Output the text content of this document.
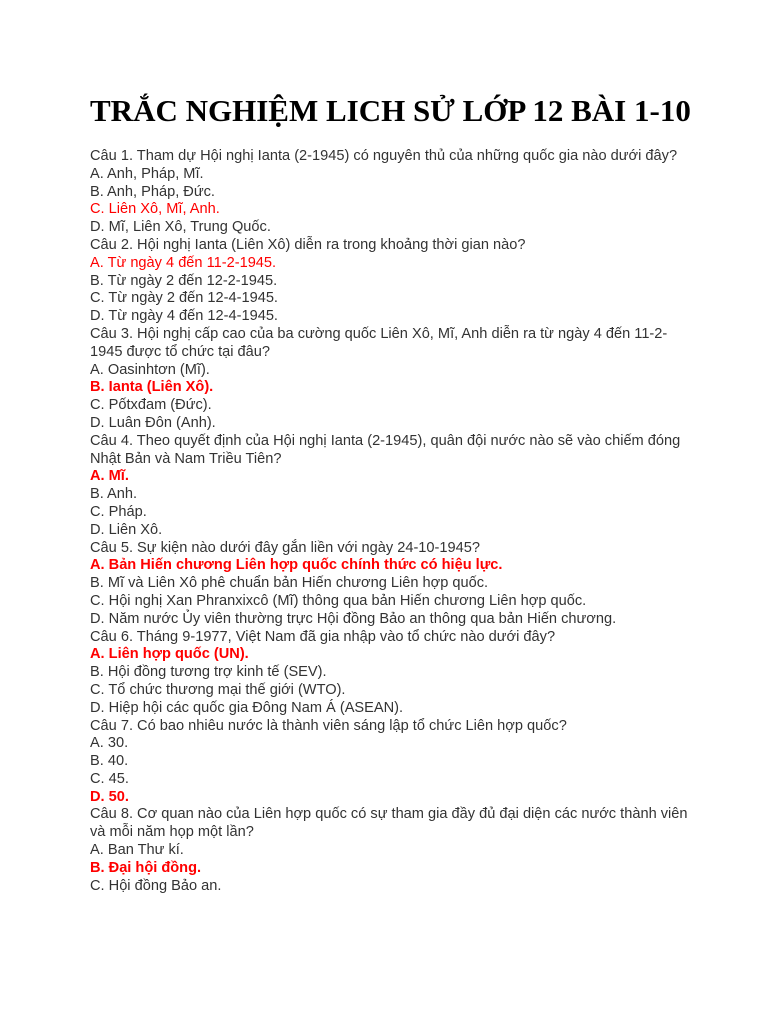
TRẮC NGHIỆM LICH SỬ LỚP 12 BÀI 1-10

Câu 1. Tham dự Hội nghị Ianta (2-1945) có nguyên thủ của những quốc gia nào dưới đây?

A. Anh, Pháp, Mĩ.

B. Anh, Pháp, Đức.

C. Liên Xô, Mĩ, Anh.

D. Mĩ, Liên Xô, Trung Quốc.

Câu 2. Hội nghị Ianta (Liên Xô) diễn ra trong khoảng thời gian nào?

A. Từ ngày 4 đến 11-2-1945.

B. Từ ngày 2 đến 12-2-1945.

C. Từ ngày 2 đến 12-4-1945.

D. Từ ngày 4 đến 12-4-1945.

Câu 3. Hội nghị cấp cao của ba cường quốc Liên Xô, Mĩ, Anh diễn ra từ ngày 4 đến 11-2-1945 được tổ chức tại đâu?

A. Oasinhtơn (Mĩ).

B. Ianta (Liên Xô).

C. Pốtxđam (Đức).

D. Luân Đôn (Anh).

Câu 4. Theo quyết định của Hội nghị Ianta (2-1945), quân đội nước nào sẽ vào chiếm đóng Nhật Bản và Nam Triều Tiên?

A. Mĩ.

B. Anh.

C. Pháp.

D. Liên Xô.

Câu 5. Sự kiện nào dưới đây gắn liền với ngày 24-10-1945?

A. Bản Hiến chương Liên hợp quốc chính thức có hiệu lực.

B. Mĩ và Liên Xô phê chuẩn bản Hiến chương Liên hợp quốc.

C. Hội nghị Xan Phranxixcô (Mĩ) thông qua bản Hiến chương Liên hợp quốc.

D. Năm nước Ủy viên thường trực Hội đồng Bảo an thông qua bản Hiến chương.

Câu 6. Tháng 9-1977, Việt Nam đã gia nhập vào tổ chức nào dưới đây?

A. Liên hợp quốc (UN).

B. Hội đồng tương trợ kinh tế (SEV).

C. Tổ chức thương mại thế giới (WTO).

D. Hiệp hội các quốc gia Đông Nam Á (ASEAN).

Câu 7. Có bao nhiêu nước là thành viên sáng lập tổ chức Liên hợp quốc?

A. 30.

B. 40.

C. 45.

D. 50.

Câu 8. Cơ quan nào của Liên hợp quốc có sự tham gia đầy đủ đại diện các nước thành viên và mỗi năm họp một lần?

A. Ban Thư kí.

B. Đại hội đồng.

C. Hội đồng Bảo an.
